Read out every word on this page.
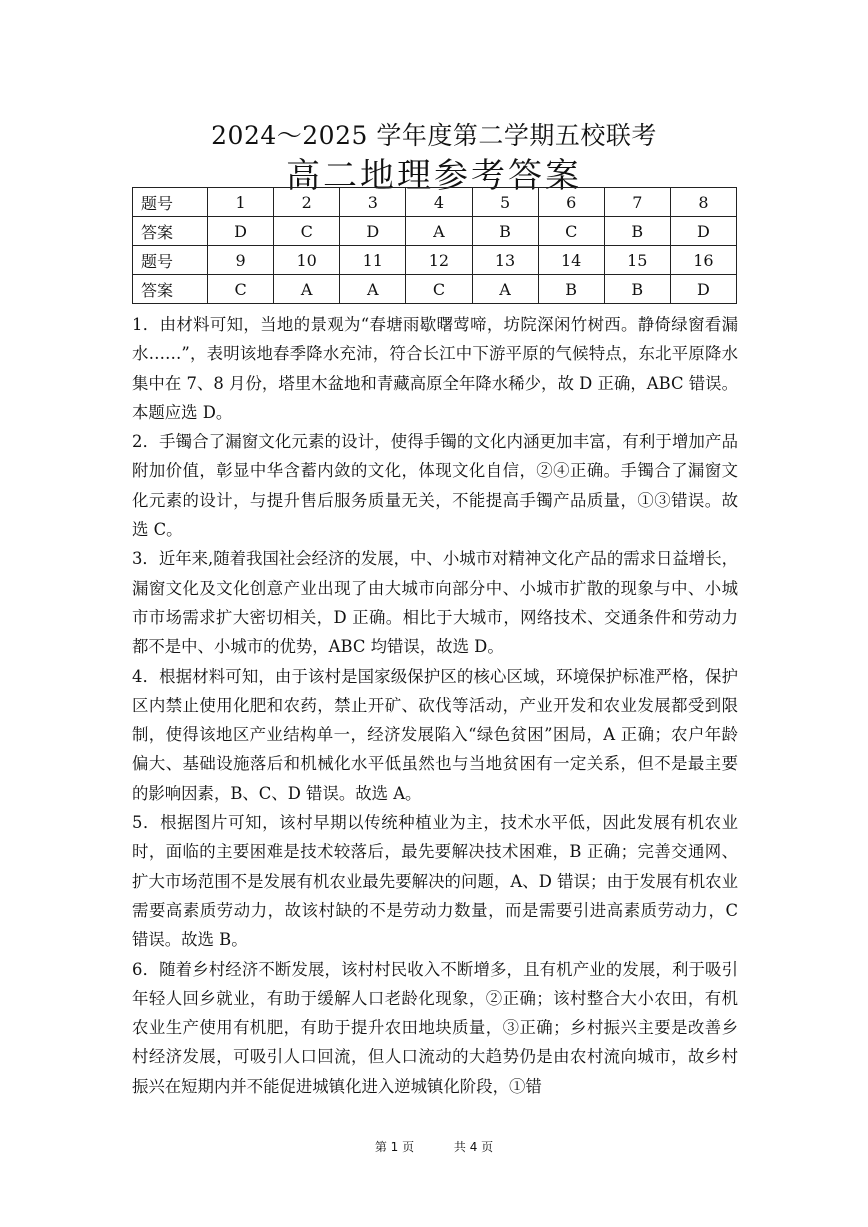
2024～2025 学年度第二学期五校联考
高二地理参考答案
题号	1	2	3	4	5	6	7	8
答案	D	C	D	A	B	C	B	D
题号	9	10	11	12	13	14	15	16
答案	C	A	A	C	A	B	B	D

1．由材料可知，当地的景观为“春塘雨歇曙莺啼，坊院深闲竹树西。静倚绿窗看漏水……”，表明该地春季降水充沛，符合长江中下游平原的气候特点，东北平原降水集中在 7、8 月份，塔里木盆地和青藏高原全年降水稀少，故 D 正确，ABC 错误。本题应选 D。

2．手镯合了漏窗文化元素的设计，使得手镯的文化内涵更加丰富，有利于增加产品附加价值，彰显中华含蓄内敛的文化，体现文化自信，②④正确。手镯合了漏窗文化元素的设计，与提升售后服务质量无关，不能提高手镯产品质量，①③错误。故选 C。

3．近年来,随着我国社会经济的发展，中、小城市对精神文化产品的需求日益增长，漏窗文化及文化创意产业出现了由大城市向部分中、小城市扩散的现象与中、小城市市场需求扩大密切相关，D 正确。相比于大城市，网络技术、交通条件和劳动力都不是中、小城市的优势，ABC 均错误，故选 D。

4．根据材料可知，由于该村是国家级保护区的核心区域，环境保护标准严格，保护区内禁止使用化肥和农药，禁止开矿、砍伐等活动，产业开发和农业发展都受到限制，使得该地区产业结构单一，经济发展陷入“绿色贫困”困局，A 正确；农户年龄偏大、基础设施落后和机械化水平低虽然也与当地贫困有一定关系，但不是最主要的影响因素，B、C、D 错误。故选 A。

5．根据图片可知，该村早期以传统种植业为主，技术水平低，因此发展有机农业时，面临的主要困难是技术较落后，最先要解决技术困难，B 正确；完善交通网、扩大市场范围不是发展有机农业最先要解决的问题，A、D 错误；由于发展有机农业需要高素质劳动力，故该村缺的不是劳动力数量，而是需要引进高素质劳动力，C 错误。故选 B。

6．随着乡村经济不断发展，该村村民收入不断增多，且有机产业的发展，利于吸引年轻人回乡就业，有助于缓解人口老龄化现象，②正确；该村整合大小农田，有机农业生产使用有机肥，有助于提升农田地块质量，③正确；乡村振兴主要是改善乡村经济发展，可吸引人口回流，但人口流动的大趋势仍是由农村流向城市，故乡村振兴在短期内并不能促进城镇化进入逆城镇化阶段，①错

第 1 页	共 4 页
